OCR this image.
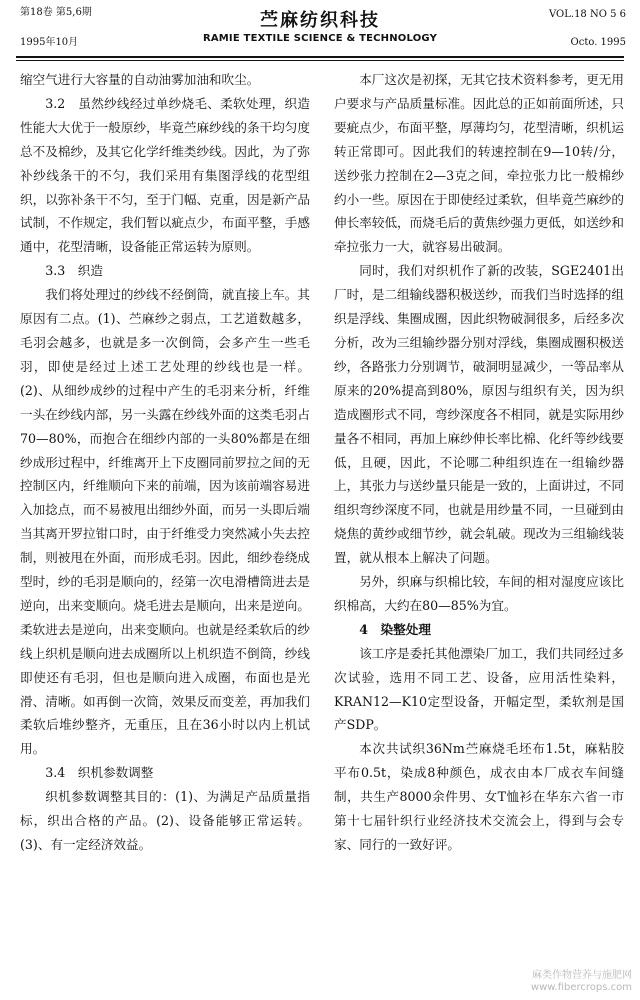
第18卷 第5,6期
1995年10月
苎麻纺织科技
RAMIE TEXTILE SCIENCE & TECHNOLOGY
VOL.18 NO 5 6
Octo. 1995

缩空气进行大容量的自动油雾加油和吹尘。

3.2　虽然纱线经过单纱烧毛、柔软处理，织造性能大大优于一般原纱，毕竟苎麻纱线的条干均匀度总不及棉纱，及其它化学纤维类纱线。因此，为了弥补纱线条干的不匀，我们采用有集图浮线的花型组织，以弥补条干不匀，至于门幅、克重，因是新产品试制，不作规定，我们暂以疵点少，布面平整，手感通中，花型清晰，设备能正常运转为原则。

3.3　织造

我们将处理过的纱线不经倒筒，就直接上车。其原因有二点。(1)、苎麻纱之弱点，工艺道数越多，毛羽会越多，也就是多一次倒筒，会多产生一些毛羽，即使是经过上述工艺处理的纱线也是一样。(2)、从细纱成纱的过程中产生的毛羽来分析，纤维一头在纱线内部，另一头露在纱线外面的这类毛羽占70—80%，而抱合在细纱内部的一头80%都是在细纱成形过程中，纤维离开上下皮圈同前罗拉之间的无控制区内，纤维顺向下来的前端，因为该前端容易进入加捻点，而不易被甩出细纱外面，而另一头即后端当其离开罗拉钳口时，由于纤维受力突然减小失去控制，则被甩在外面，而形成毛羽。因此，细纱卷绕成型时，纱的毛羽是顺向的，经第一次电滑槽筒进去是逆向，出来变顺向。烧毛进去是顺向，出来是逆向。柔软进去是逆向，出来变顺向。也就是经柔软后的纱线上织机是顺向进去成圈所以上机织造不倒筒，纱线即使还有毛羽，但也是顺向进入成圈，布面也是光滑、清晰。如再倒一次筒，效果反而变差，再加我们柔软后堆纱整齐，无重压，且在36小时以内上机试用。

3.4　织机参数调整

织机参数调整其目的：(1)、为满足产品质量指标，织出合格的产品。(2)、设备能够正常运转。(3)、有一定经济效益。

本厂这次是初探，无其它技术资料参考，更无用户要求与产品质量标准。因此总的正如前面所述，只要疵点少，布面平整，厚薄均匀，花型清晰，织机运转正常即可。因此我们的转速控制在9—10转/分，送纱张力控制在2—3克之间，牵拉张力比一般棉纱约小一些。原因在于即使经过柔软，但毕竟苎麻纱的伸长率较低，而烧毛后的黄焦纱强力更低，如送纱和牵拉张力一大，就容易出破洞。

同时，我们对织机作了新的改装，SGE2401出厂时，是二组输线器积极送纱，而我们当时选择的组织是浮线、集圈成圈，因此织物破洞很多，后经多次分析，改为三组输纱器分别对浮线，集圈成圈积极送纱，各路张力分别调节，破洞明显减少，一等品率从原来的20%提高到80%，原因与组织有关，因为织造成圈形式不同，弯纱深度各不相同，就是实际用纱量各不相同，再加上麻纱伸长率比棉、化纤等纱线要低，且硬，因此，不论哪二种组织连在一组输纱器上，其张力与送纱量只能是一致的，上面讲过，不同组织弯纱深度不同，也就是用纱量不同，一旦碰到由烧焦的黄纱或细节纱，就会轧破。现改为三组输线装置，就从根本上解决了问题。

另外，织麻与织棉比较，车间的相对湿度应该比织棉高，大约在80—85%为宜。

4　染整处理

该工序是委托其他漂染厂加工，我们共同经过多次试验，选用不同工艺、设备，应用活性染料，KRAN12—K10定型设备，开幅定型，柔软剂是国产SDP。

本次共试织36Nm苎麻烧毛坯布1.5t，麻粘胶平布0.5t，染成8种颜色，成衣由本厂成衣车间缝制，共生产8000余件男、女T恤衫在华东六省一市第十七届针织行业经济技术交流会上，得到与会专家、同行的一致好评。

麻类作物营养与施肥网
www.fibercrops.com
